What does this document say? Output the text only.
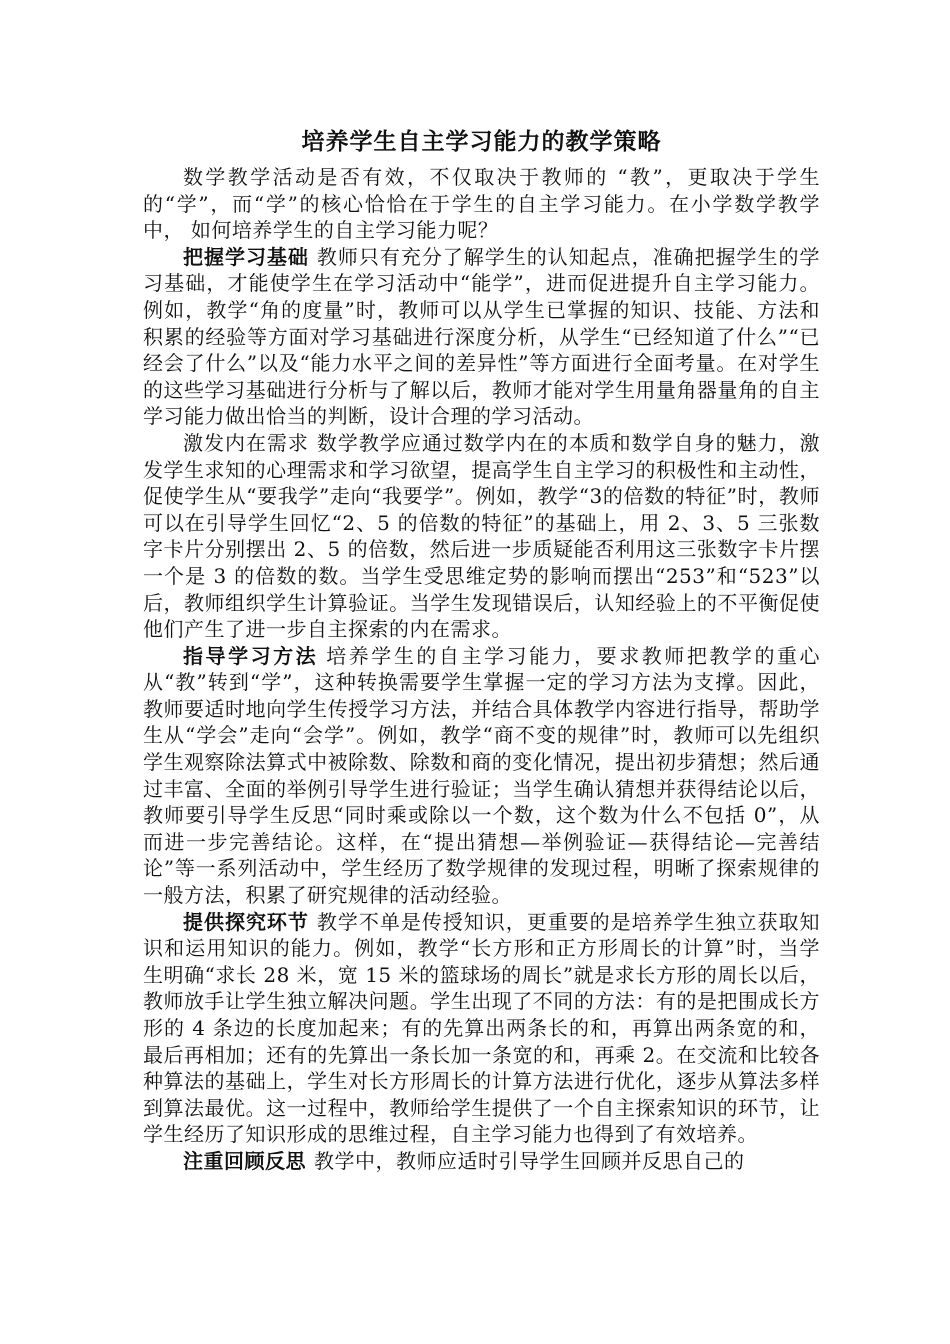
培养学生自主学习能力的教学策略

数学教学活动是否有效，不仅取决于教师的 “教”，更取决于学生的“学”，而“学”的核心恰恰在于学生的自主学习能力。在小学数学教学中， 如何培养学生的自主学习能力呢？

把握学习基础 教师只有充分了解学生的认知起点，准确把握学生的学习基础，才能使学生在学习活动中“能学”，进而促进提升自主学习能力。例如，教学“角的度量”时，教师可以从学生已掌握的知识、技能、方法和积累的经验等方面对学习基础进行深度分析，从学生“已经知道了什么”“已经会了什么”以及“能力水平之间的差异性”等方面进行全面考量。在对学生的这些学习基础进行分析与了解以后，教师才能对学生用量角器量角的自主学习能力做出恰当的判断，设计合理的学习活动。

激发内在需求 数学教学应通过数学内在的本质和数学自身的魅力，激发学生求知的心理需求和学习欲望，提高学生自主学习的积极性和主动性，促使学生从“要我学”走向“我要学”。例如，教学“3的倍数的特征”时，教师可以在引导学生回忆“2、5 的倍数的特征”的基础上，用 2、3、5 三张数字卡片分别摆出 2、5 的倍数，然后进一步质疑能否利用这三张数字卡片摆一个是 3 的倍数的数。当学生受思维定势的影响而摆出“253”和“523”以后，教师组织学生计算验证。当学生发现错误后，认知经验上的不平衡促使他们产生了进一步自主探索的内在需求。

指导学习方法 培养学生的自主学习能力，要求教师把教学的重心从“教”转到“学”，这种转换需要学生掌握一定的学习方法为支撑。因此，教师要适时地向学生传授学习方法，并结合具体教学内容进行指导，帮助学生从“学会”走向“会学”。例如，教学“商不变的规律”时，教师可以先组织学生观察除法算式中被除数、除数和商的变化情况，提出初步猜想；然后通过丰富、全面的举例引导学生进行验证；当学生确认猜想并获得结论以后，教师要引导学生反思“同时乘或除以一个数，这个数为什么不包括 0”，从而进一步完善结论。这样，在“提出猜想—举例验证—获得结论—完善结论”等一系列活动中，学生经历了数学规律的发现过程，明晰了探索规律的一般方法，积累了研究规律的活动经验。

提供探究环节 教学不单是传授知识，更重要的是培养学生独立获取知识和运用知识的能力。例如，教学“长方形和正方形周长的计算”时，当学生明确“求长 28 米，宽 15 米的篮球场的周长”就是求长方形的周长以后，教师放手让学生独立解决问题。学生出现了不同的方法：有的是把围成长方形的 4 条边的长度加起来；有的先算出两条长的和，再算出两条宽的和，最后再相加；还有的先算出一条长加一条宽的和，再乘 2。在交流和比较各种算法的基础上，学生对长方形周长的计算方法进行优化，逐步从算法多样到算法最优。这一过程中，教师给学生提供了一个自主探索知识的环节，让学生经历了知识形成的思维过程，自主学习能力也得到了有效培养。

注重回顾反思 教学中，教师应适时引导学生回顾并反思自己的
